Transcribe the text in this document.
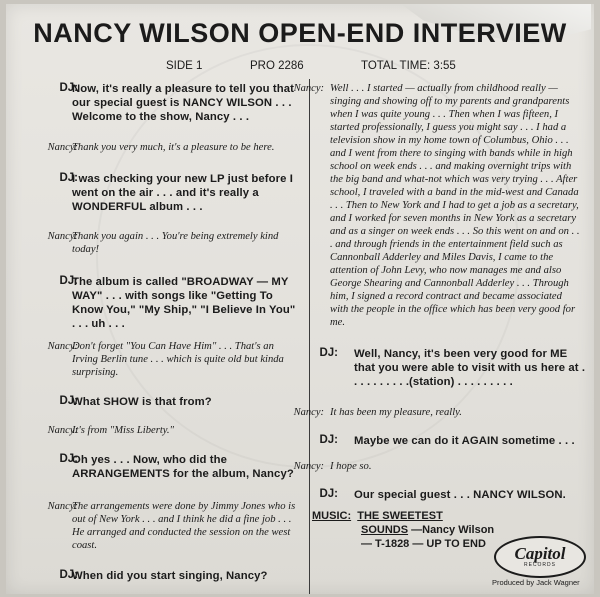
NANCY WILSON OPEN-END INTERVIEW
SIDE 1	PRO 2286	TOTAL TIME: 3:55
DJ:
Now, it's really a pleasure to tell you that our special guest is NANCY WILSON . . . Welcome to the show, Nancy . . .
Nancy:
Thank you very much, it's a pleasure to be here.
DJ:
I was checking your new LP just before I went on the air . . . and it's really a WONDERFUL album . . .
Nancy:
Thank you again . . . You're being extremely kind today!
DJ:
The album is called "BROADWAY — MY WAY" . . . with songs like "Getting To Know You," "My Ship," "I Believe In You" . . . uh . . .
Nancy:
Don't forget "You Can Have Him" . . . That's an Irving Berlin tune . . . which is quite old but kinda surprising.
DJ:
What SHOW is that from?
Nancy:
It's from "Miss Liberty."
DJ:
Oh yes . . . Now, who did the ARRANGEMENTS for the album, Nancy?
Nancy:
The arrangements were done by Jimmy Jones who is out of New York . . . and I think he did a fine job . . . He arranged and conducted the session on the west coast.
DJ:
When did you start singing, Nancy?
Nancy: Well . . . I started — actually from childhood really — singing and showing off to my parents and grandparents when I was quite young . . . Then when I was fifteen, I started professionally, I guess you might say . . . I had a television show in my home town of Columbus, Ohio . . . and I went from there to singing with bands while in high school on week ends . . . and making overnight trips with the big band and what-not which was very trying . . . After school, I traveled with a band in the mid-west and Canada . . . Then to New York and I had to get a job as a secretary, and I worked for seven months in New York as a secretary and as a singer on week ends . . . So this went on and on . . . and through friends in the entertainment field such as Cannonball Adderley and Miles Davis, I came to the attention of John Levy, who now manages me and also George Shearing and Cannonball Adderley . . . Through him, I signed a record contract and became associated with the people in the office which has been very good for me.
DJ: Well, Nancy, it's been very good for ME that you were able to visit with us here at . . . . . . . . . .(station) . . . . . . . . .
Nancy: It has been my pleasure, really.
DJ: Maybe we can do it AGAIN sometime . . .
Nancy: I hope so.
DJ: Our special guest . . . NANCY WILSON.
MUSIC: THE SWEETEST
SOUNDS —Nancy Wilson
— T-1828 — UP TO END	Capitol
RECORDS
Produced by Jack Wagner
